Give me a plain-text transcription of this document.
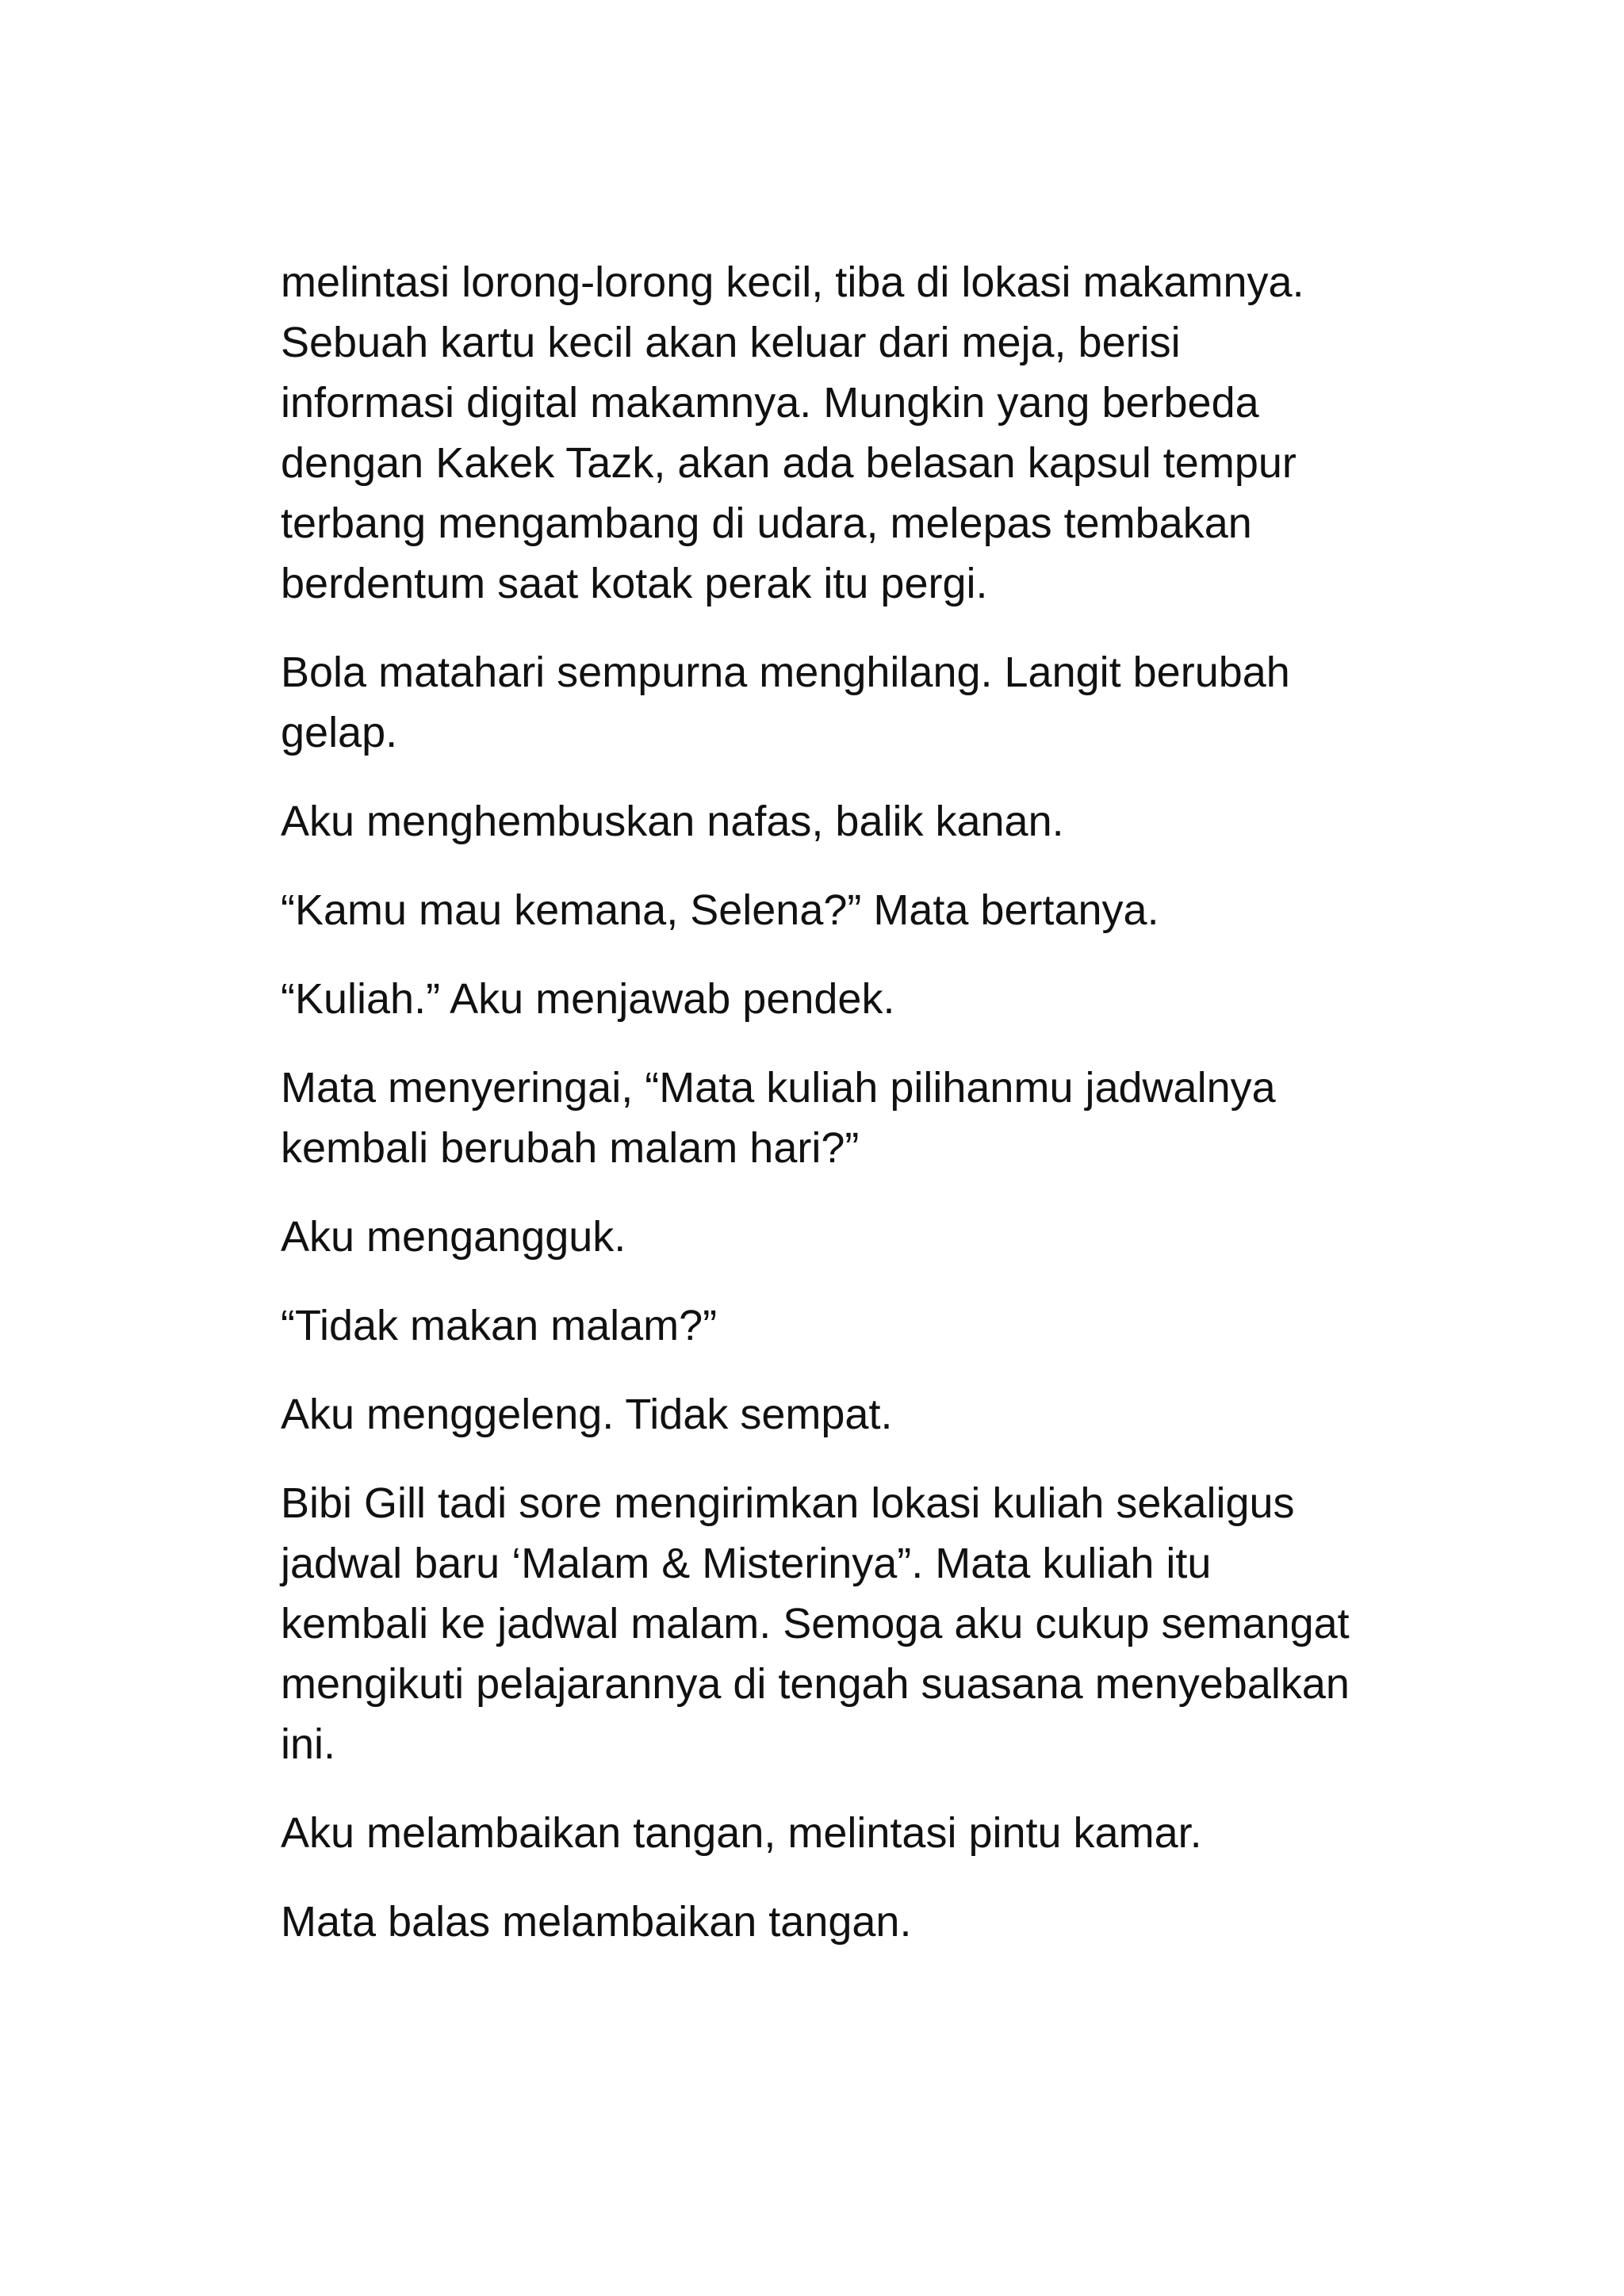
melintasi lorong-lorong kecil, tiba di lokasi makamnya.
Sebuah kartu kecil akan keluar dari meja, berisi
informasi digital makamnya. Mungkin yang berbeda
dengan Kakek Tazk, akan ada belasan kapsul tempur
terbang mengambang di udara, melepas tembakan
berdentum saat kotak perak itu pergi.

Bola matahari sempurna menghilang. Langit berubah
gelap.

Aku menghembuskan nafas, balik kanan.

“Kamu mau kemana, Selena?” Mata bertanya.

“Kuliah.” Aku menjawab pendek.

Mata menyeringai, “Mata kuliah pilihanmu jadwalnya
kembali berubah malam hari?”

Aku mengangguk.

“Tidak makan malam?”

Aku menggeleng. Tidak sempat.

Bibi Gill tadi sore mengirimkan lokasi kuliah sekaligus
jadwal baru ‘Malam & Misterinya”. Mata kuliah itu
kembali ke jadwal malam. Semoga aku cukup semangat
mengikuti pelajarannya di tengah suasana menyebalkan
ini.

Aku melambaikan tangan, melintasi pintu kamar.

Mata balas melambaikan tangan.
